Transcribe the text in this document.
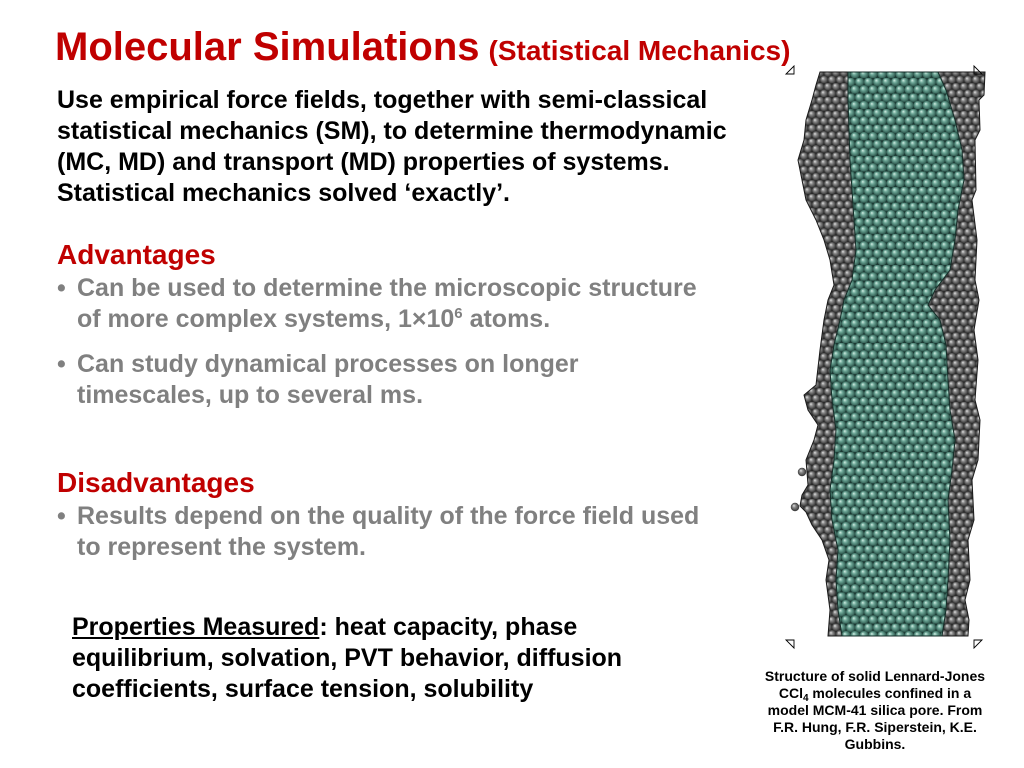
Molecular Simulations (Statistical Mechanics)
Use empirical force fields, together with semi-classical
statistical mechanics (SM), to determine thermodynamic
(MC, MD) and transport (MD) properties of systems.
Statistical mechanics solved ‘exactly’.
Advantages
• Can be used to determine the microscopic structure
of more complex systems, $1\times 10^6$ atoms.
• Can study dynamical processes on longer
timescales, up to several ms.
Disadvantages
• Results depend on the quality of the force field used
to represent the system.
Properties Measured: heat capacity, phase
equilibrium, solvation, PVT behavior, diffusion
coefficients, surface tension, solubility	Structure of solid Lennard-Jones
CCl$_4$ molecules confined in a
model MCM-41 silica pore. From
F.R. Hung, F.R. Siperstein, K.E.
Gubbins.
